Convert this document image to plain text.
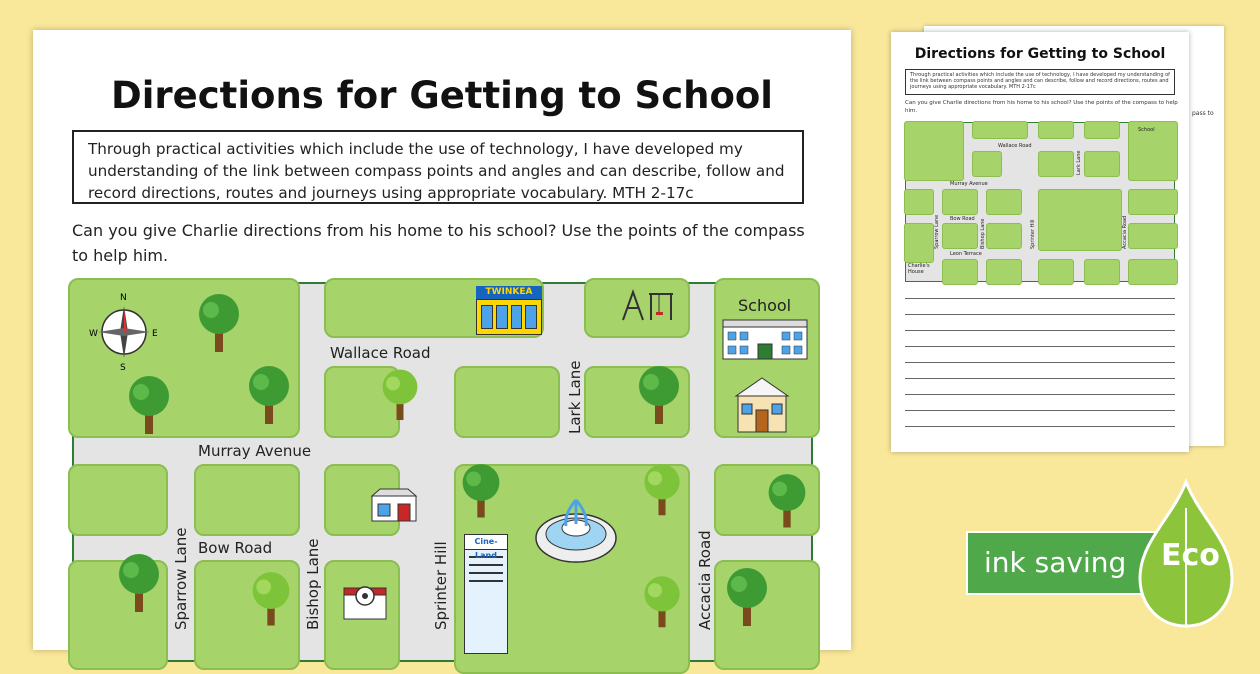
Directions for Getting to School
Through practical activities which include the use of technology, I have developed my understanding of the link between compass points and angles and can describe, follow and record directions, routes and journeys using appropriate vocabulary. MTH 2-17c
Can you give Charlie directions from his home to his school? Use the points of the compass to help him.
Wallace Road
Murray Avenue
Bow Road
Lark Lane
Sparrow Lane	Bishop Lane	Sprinter Hill	Accacia Road
N
E
S
W
TWINKEA
School
Cine-Land
pass to
Directions for Getting to School
Through practical activities which include the use of technology, I have developed my understanding of the link between compass points and angles and can describe, follow and record directions, routes and journeys using appropriate vocabulary. MTH 2-17c
Can you give Charlie directions from his home to his school? Use the points of the compass to help him.
Wallace Road
Murray Avenue
Bow Road
Leon Terrace
Lark Lane
Sparrow Lane	Bishop Lane	Sprinter Hill	Accacia Road
School
Charlie's House
ink saving Eco
